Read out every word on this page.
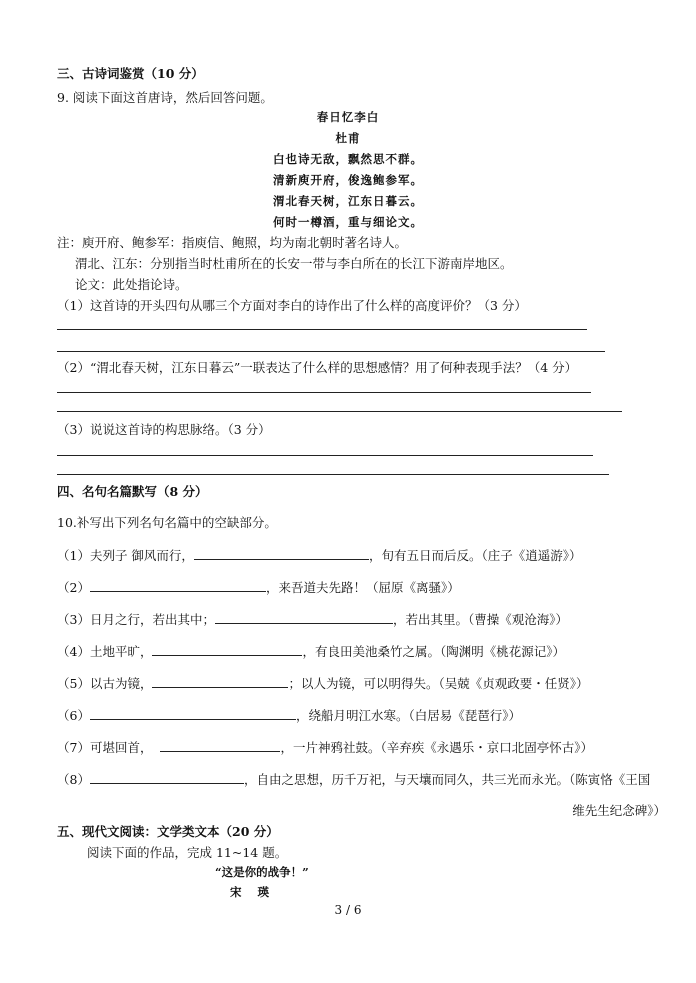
三、古诗词鉴赏（10 分）
9. 阅读下面这首唐诗，然后回答问题。
春日忆李白
杜甫
白也诗无敌，飘然思不群。
清新庾开府，俊逸鲍参军。
渭北春天树，江东日暮云。
何时一樽酒，重与细论文。
注：庾开府、鲍参军：指庾信、鲍照，均为南北朝时著名诗人。
渭北、江东：分别指当时杜甫所在的长安一带与李白所在的长江下游南岸地区。
论文：此处指论诗。
（1）这首诗的开头四句从哪三个方面对李白的诗作出了什么样的高度评价？（3 分）
（2）“渭北春天树，江东日暮云”一联表达了什么样的思想感情？用了何种表现手法？（4 分）
（3）说说这首诗的构思脉络。（3 分）
四、名句名篇默写（8 分）
10.补写出下列名句名篇中的空缺部分。
（1）夫列子 御风而行，	，旬有五日而后反。（庄子《逍遥游》）
（2）	，来吾道夫先路！（屈原《离骚》）
（3）日月之行，若出其中；	，若出其里。（曹操《观沧海》）
（4）土地平旷，	，有良田美池桑竹之属。（陶渊明《桃花源记》）
（5）以古为镜，	；以人为镜，可以明得失。（吴兢《贞观政要・任贤》）
（6）	，绕船月明江水寒。（白居易《琵琶行》）
（7）可堪回首，	，一片神鸦社鼓。（辛弃疾《永遇乐・京口北固亭怀古》）
（8）	，自由之思想，历千万祀，与天壤而同久，共三光而永光。（陈寅恪《王国
维先生纪念碑》）
五、现代文阅读：文学类文本（20 分）
阅读下面的作品，完成 11~14 题。
“这是你的战争！”
宋 瑛
3 / 6
